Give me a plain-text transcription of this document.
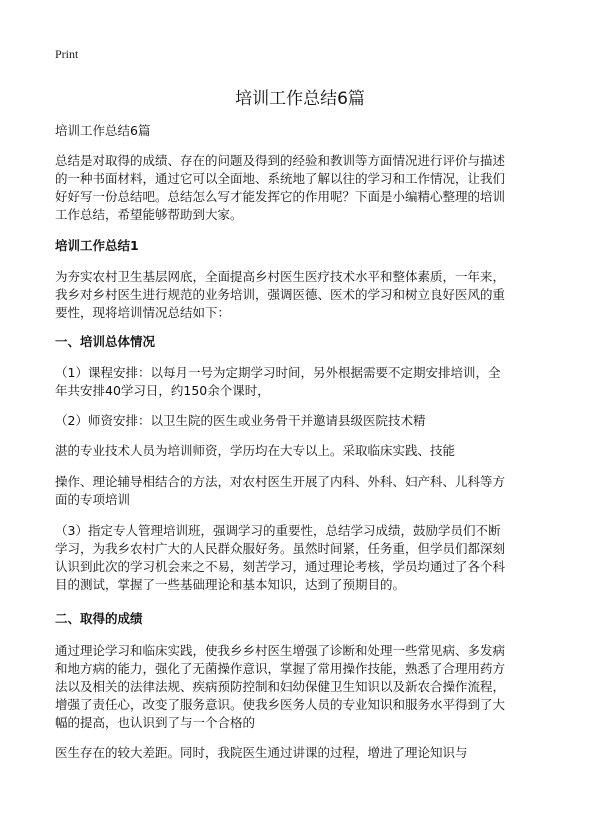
Print
培训工作总结6篇
培训工作总结6篇
总结是对取得的成绩、存在的问题及得到的经验和教训等方面情况进行评价与描述
的一种书面材料，通过它可以全面地、系统地了解以往的学习和工作情况，让我们
好好写一份总结吧。总结怎么写才能发挥它的作用呢？下面是小编精心整理的培训
工作总结，希望能够帮助到大家。
培训工作总结1
为夯实农村卫生基层网底，全面提高乡村医生医疗技术水平和整体素质，一年来，
我乡对乡村医生进行规范的业务培训，强调医德、医术的学习和树立良好医风的重
要性，现将培训情况总结如下：
一、培训总体情况
（1）课程安排：以每月一号为定期学习时间，另外根据需要不定期安排培训，全
年共安排40学习日，约150余个课时，
（2）师资安排：以卫生院的医生或业务骨干并邀请县级医院技术精
湛的专业技术人员为培训师资，学历均在大专以上。采取临床实践、技能
操作、理论辅导相结合的方法，对农村医生开展了内科、外科、妇产科、儿科等方
面的专项培训
（3）指定专人管理培训班，强调学习的重要性，总结学习成绩，鼓励学员们不断
学习，为我乡农村广大的人民群众服好务。虽然时间紧，任务重，但学员们都深刻
认识到此次的学习机会来之不易，刻苦学习，通过理论考核，学员均通过了各个科
目的测试，掌握了一些基础理论和基本知识，达到了预期目的。
二、取得的成绩
通过理论学习和临床实践，使我乡乡村医生增强了诊断和处理一些常见病、多发病
和地方病的能力，强化了无菌操作意识，掌握了常用操作技能，熟悉了合理用药方
法以及相关的法律法规、疾病预防控制和妇幼保健卫生知识以及新农合操作流程，
增强了责任心，改变了服务意识。使我乡医务人员的专业知识和服务水平得到了大
幅的提高，也认识到了与一个合格的
医生存在的较大差距。同时，我院医生通过讲课的过程，增进了理论知识与
